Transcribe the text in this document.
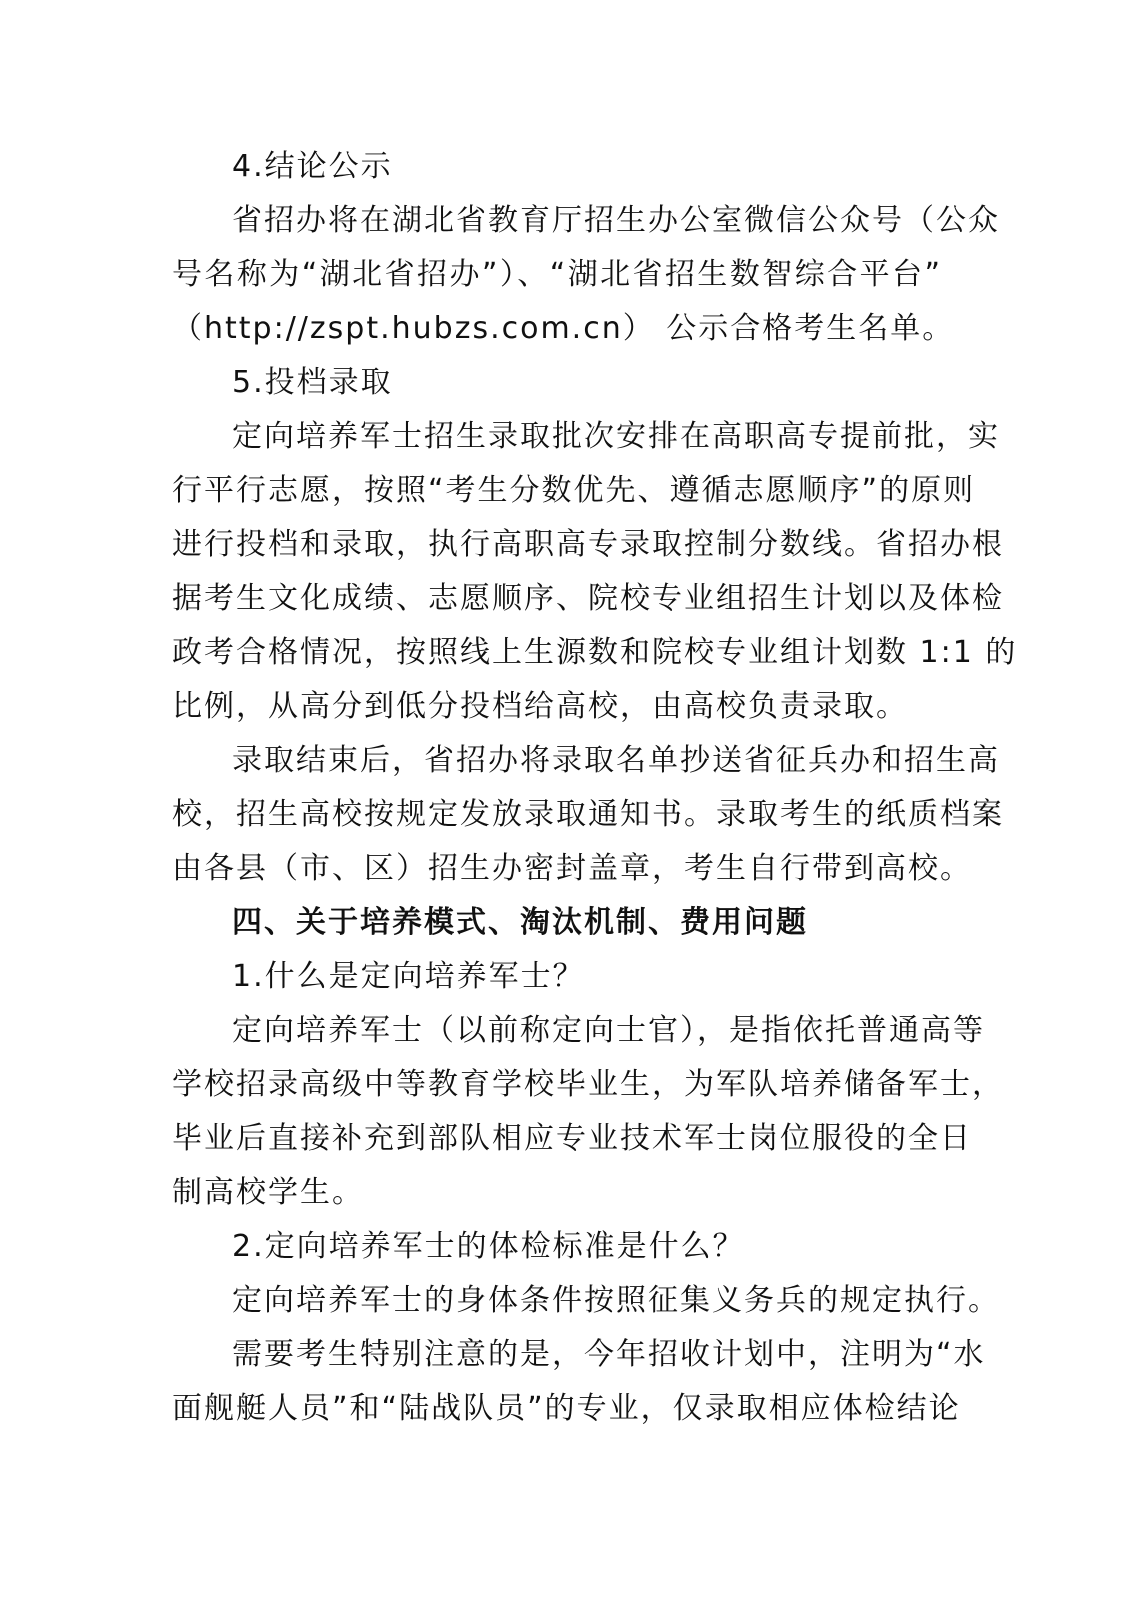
4.结论公示
省招办将在湖北省教育厅招生办公室微信公众号（公众
号名称为“湖北省招办”）、“湖北省招生数智综合平台”
（http://zspt.hubzs.com.cn） 公示合格考生名单。
5.投档录取
定向培养军士招生录取批次安排在高职高专提前批，实
行平行志愿，按照“考生分数优先、遵循志愿顺序”的原则
进行投档和录取，执行高职高专录取控制分数线。省招办根
据考生文化成绩、志愿顺序、院校专业组招生计划以及体检
政考合格情况，按照线上生源数和院校专业组计划数 1:1 的
比例，从高分到低分投档给高校，由高校负责录取。
录取结束后，省招办将录取名单抄送省征兵办和招生高
校，招生高校按规定发放录取通知书。录取考生的纸质档案
由各县（市、区）招生办密封盖章，考生自行带到高校。
四、关于培养模式、淘汰机制、费用问题
1.什么是定向培养军士？
定向培养军士（以前称定向士官），是指依托普通高等
学校招录高级中等教育学校毕业生，为军队培养储备军士，
毕业后直接补充到部队相应专业技术军士岗位服役的全日
制高校学生。
2.定向培养军士的体检标准是什么？
定向培养军士的身体条件按照征集义务兵的规定执行。
需要考生特别注意的是，今年招收计划中，注明为“水
面舰艇人员”和“陆战队员”的专业，仅录取相应体检结论
